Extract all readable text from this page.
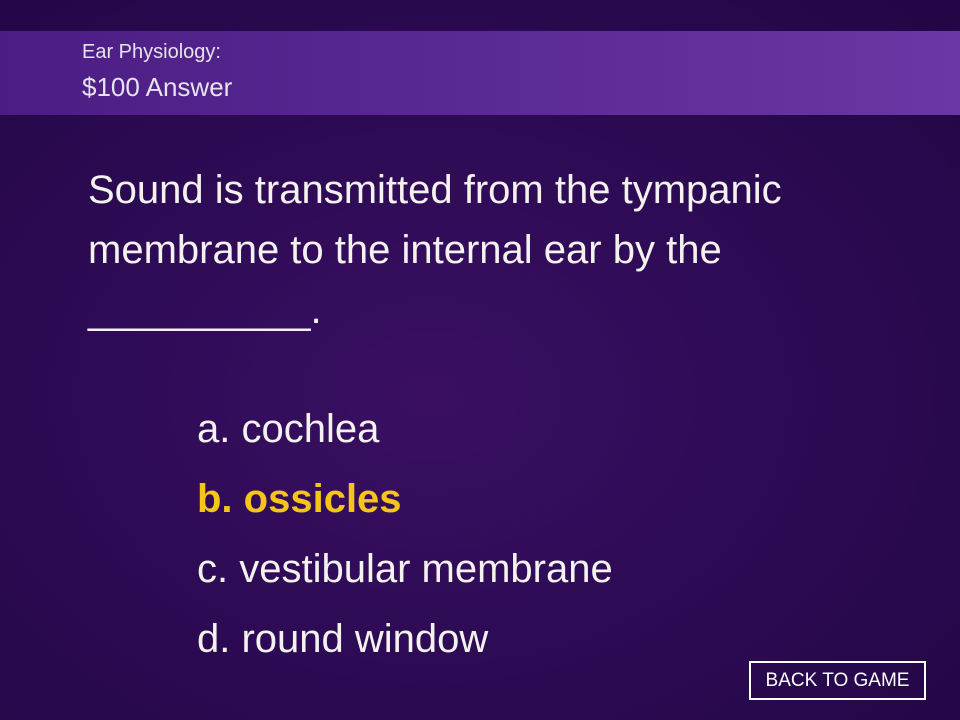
Ear Physiology:
$100 Answer
Sound is transmitted from the tympanic membrane to the internal ear by the __________.
a. cochlea
b. ossicles
c. vestibular membrane
d. round window
BACK TO GAME
